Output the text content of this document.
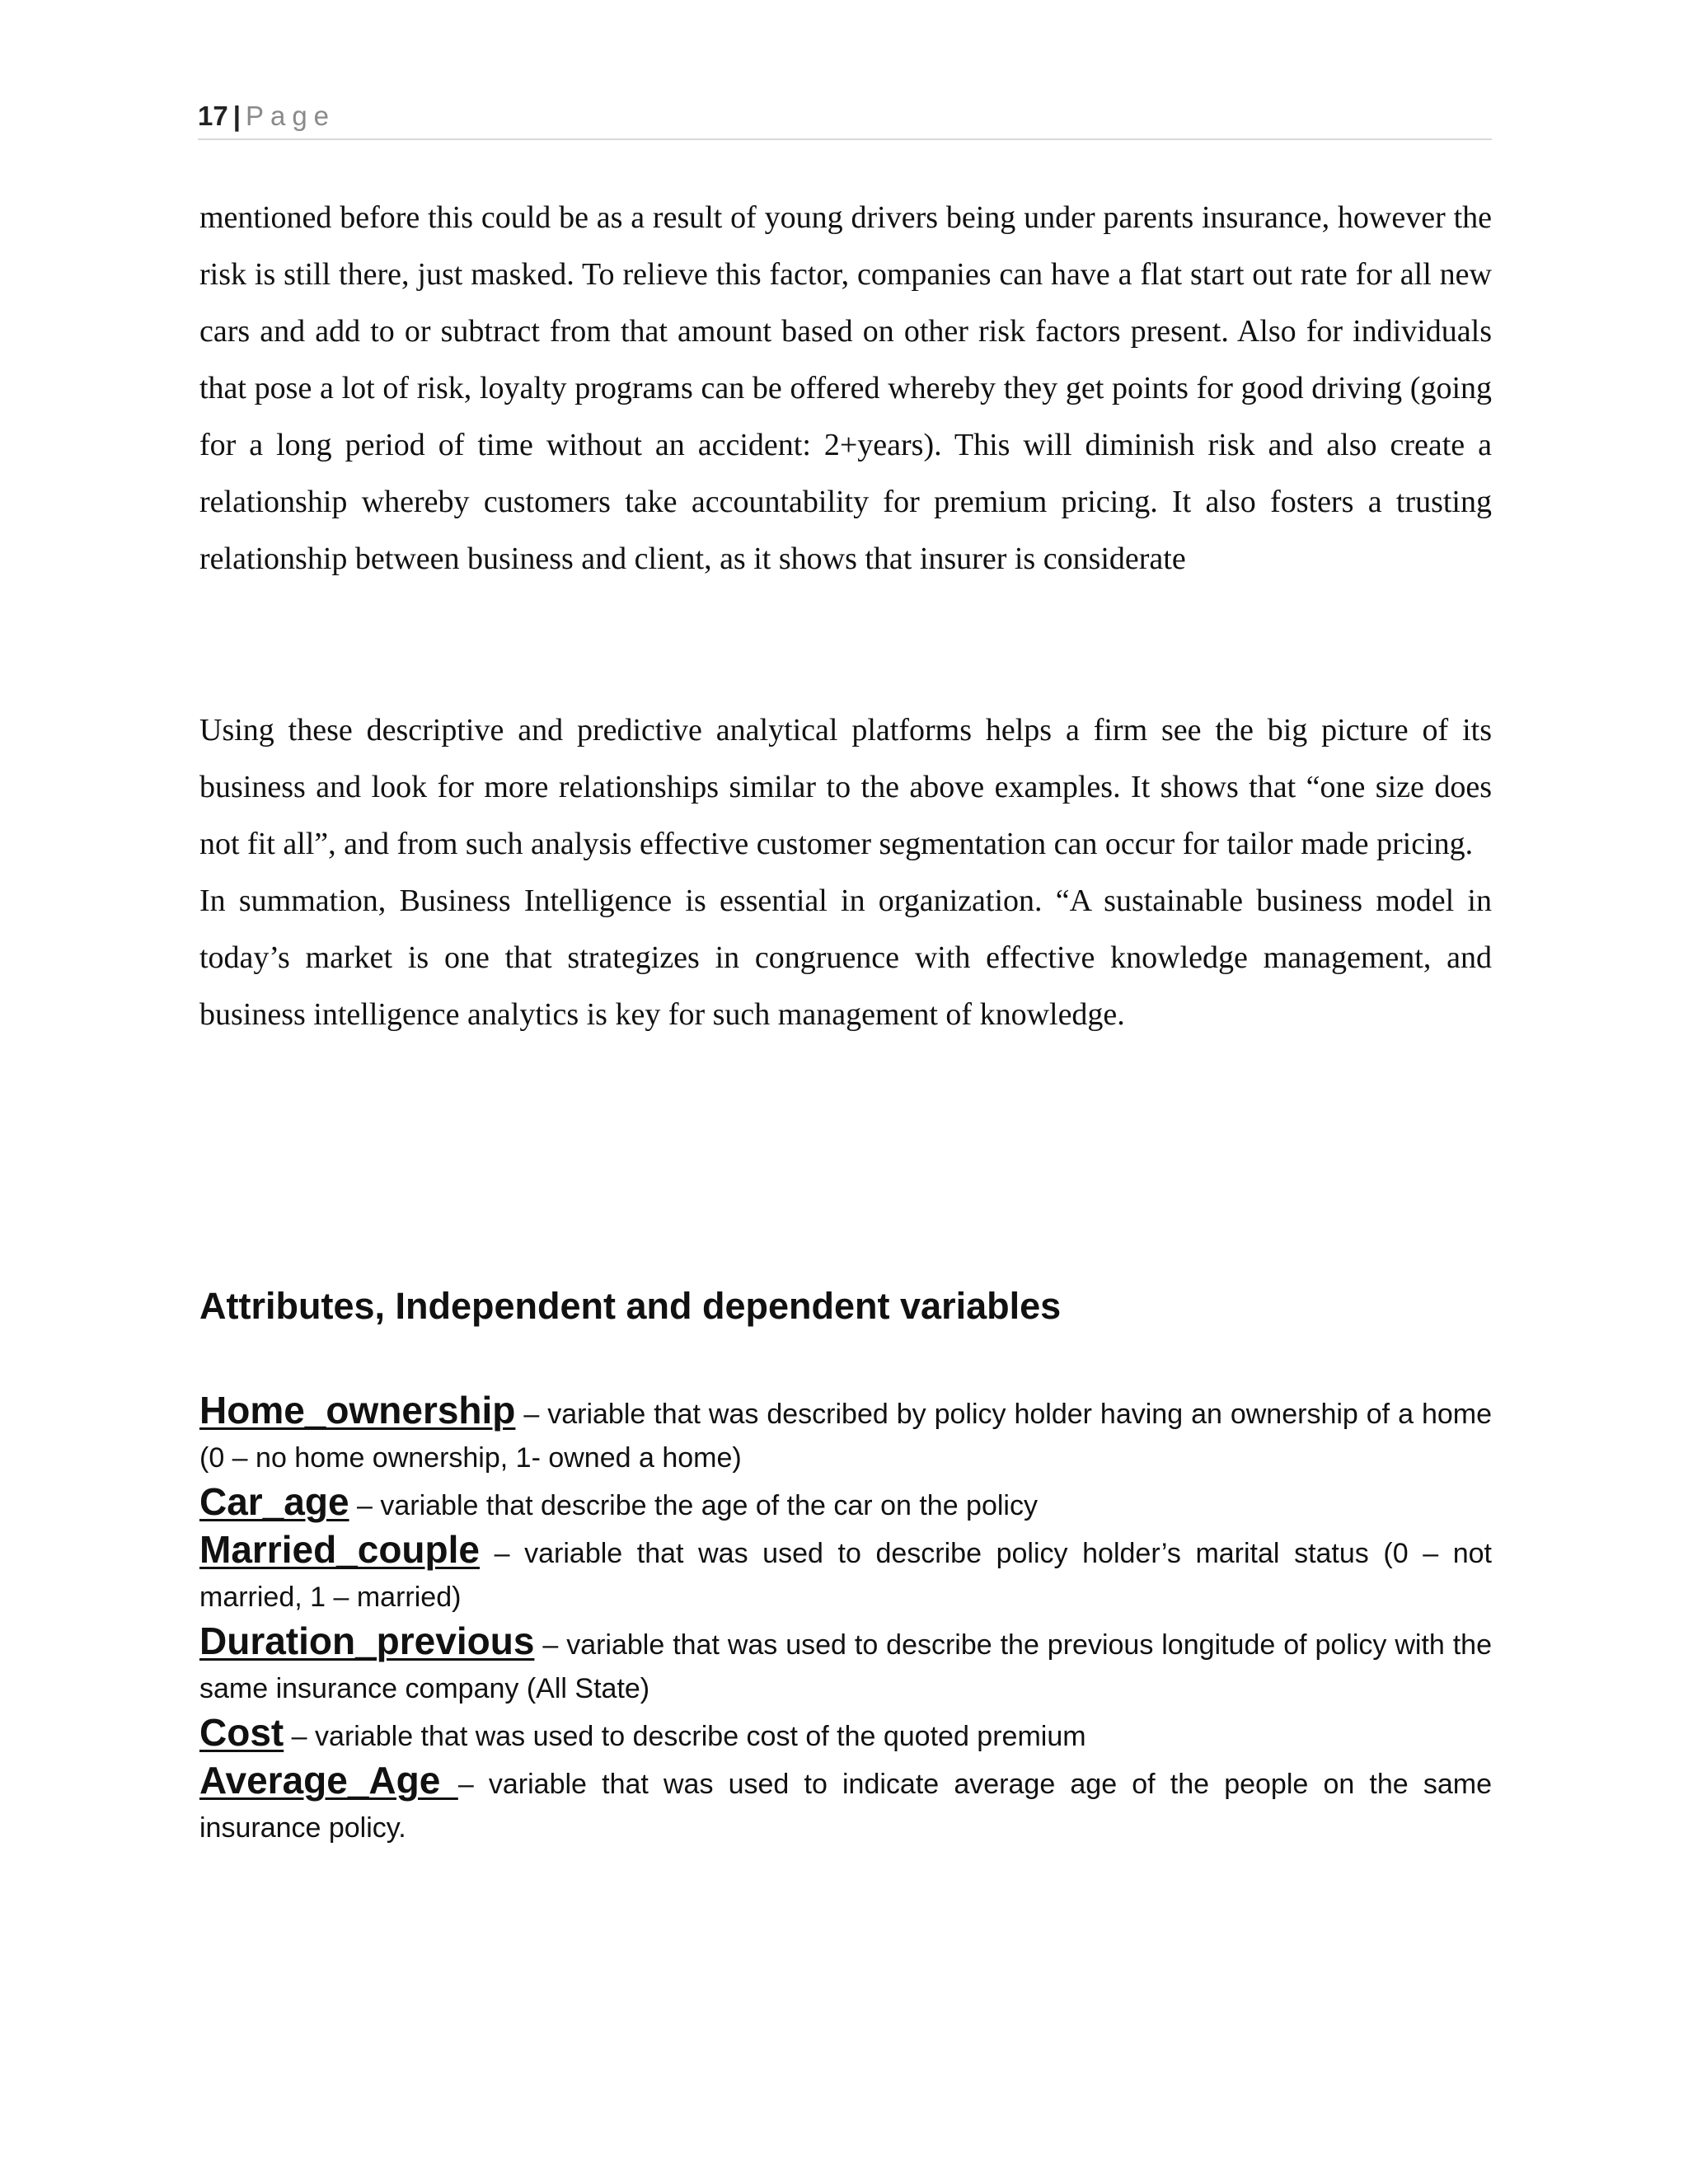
17 | Page

mentioned before this could be as a result of young drivers being under parents insurance, however the risk is still there, just masked. To relieve this factor, companies can have a flat start out rate for all new cars and add to or subtract from that amount based on other risk factors present. Also for individuals that pose a lot of risk, loyalty programs can be offered whereby they get points for good driving (going for a long period of time without an accident: 2+years). This will diminish risk and also create a relationship whereby customers take accountability for premium pricing. It also fosters a trusting relationship between business and client, as it shows that insurer is considerate

Using these descriptive and predictive analytical platforms helps a firm see the big picture of its business and look for more relationships similar to the above examples. It shows that “one size does not fit all”, and from such analysis effective customer segmentation can occur for tailor made pricing.

In summation, Business Intelligence is essential in organization. “A sustainable business model in today’s market is one that strategizes in congruence with effective knowledge management, and business intelligence analytics is key for such management of knowledge.

Attributes, Independent and dependent variables

Home_ownership – variable that was described by policy holder having an ownership of a home (0 – no home ownership, 1- owned a home)

Car_age – variable that describe the age of the car on the policy

Married_couple – variable that was used to describe policy holder’s marital status (0 – not married, 1 – married)

Duration_previous – variable that was used to describe the previous longitude of policy with the same insurance company (All State)

Cost – variable that was used to describe cost of the quoted premium

Average_Age – variable that was used to indicate average age of the people on the same insurance policy.
